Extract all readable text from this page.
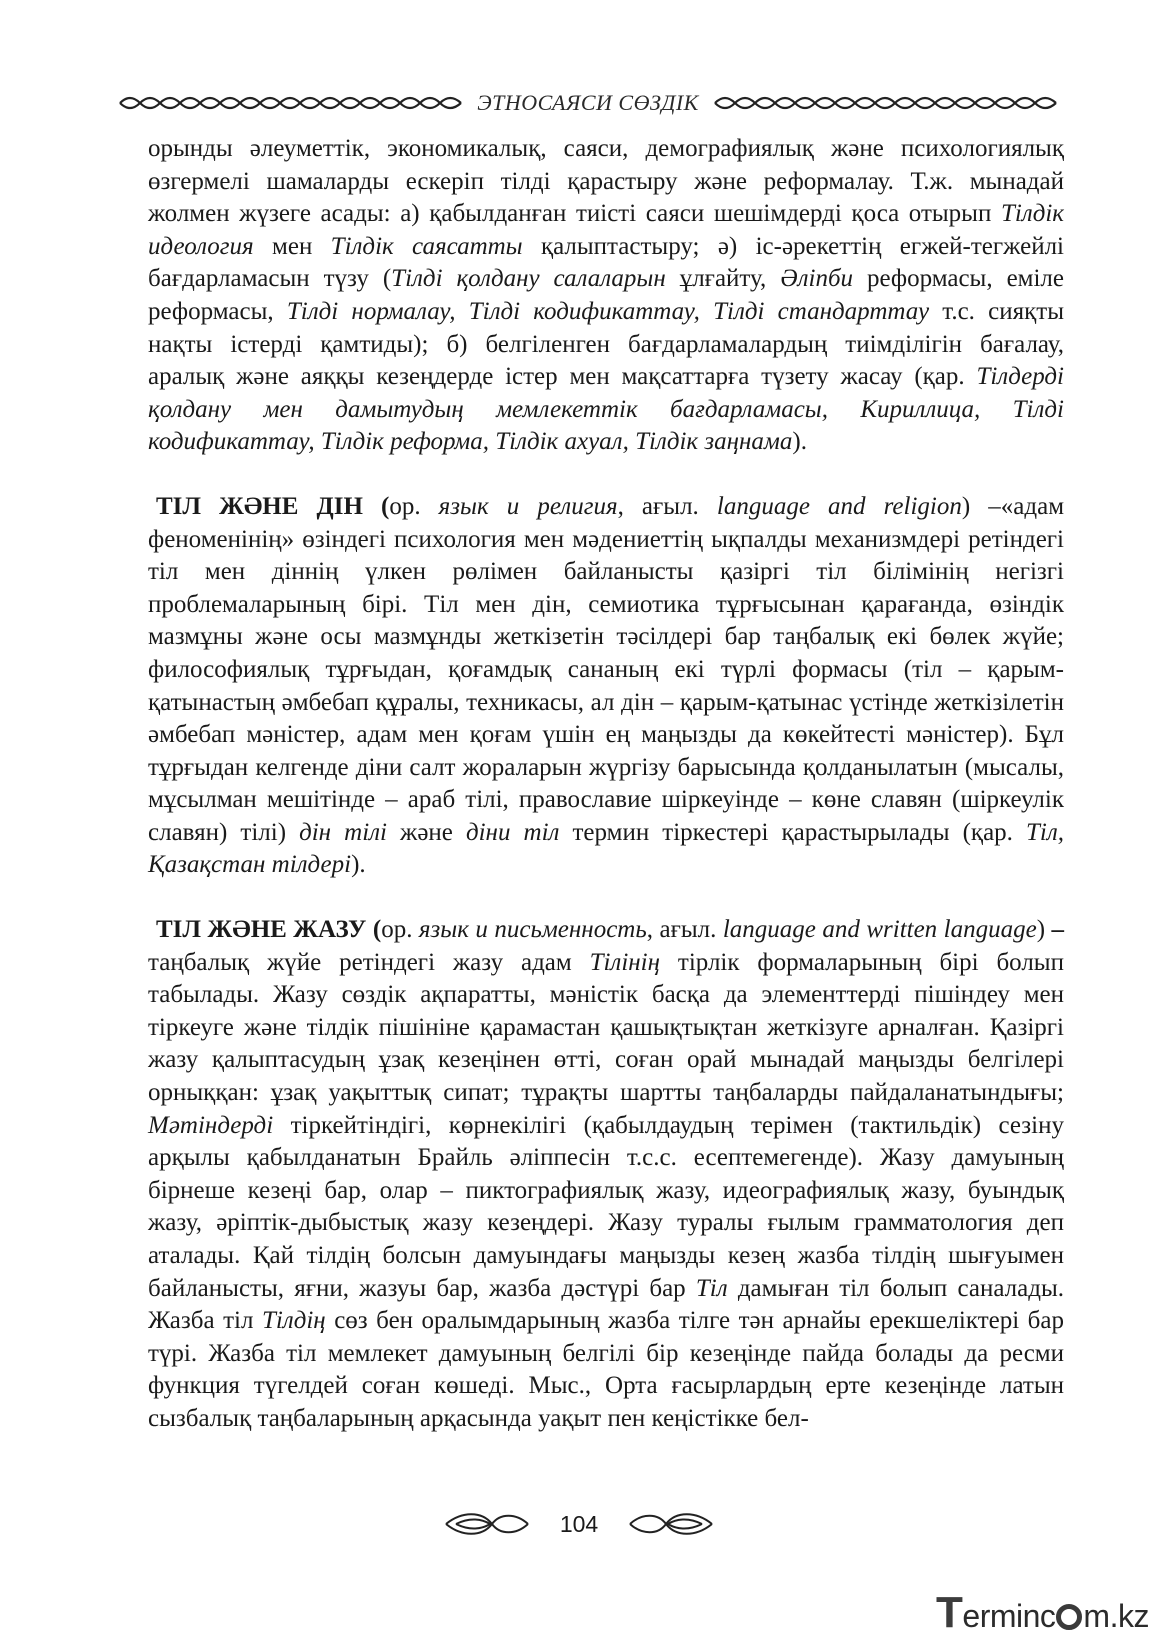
ЭТНОСАЯСИ СӨЗДІК

орынды әлеуметтік, экономикалық, саяси, демографиялық және психологиялық өзгермелі шамаларды ескеріп тілді қарастыру және реформалау. Т.ж. мынадай жолмен жүзеге асады: а) қабылданған тиісті саяси шешімдерді қоса отырып Тілдік идеология мен Тілдік саясатты қалыптастыру; ә) іс-әрекеттің егжей-тегжейлі бағдарламасын түзу (Тілді қолдану салаларын ұлғайту, Әліпби реформасы, еміле реформасы, Тілді нормалау, Тілді кодификаттау, Тілді стандарттау т.с. сияқты нақты істерді қамтиды); б) белгіленген бағдарламалардың тиімділігін бағалау, аралық және аяққы кезеңдерде істер мен мақсаттарға түзету жасау (қар. Тілдерді қолдану мен дамытудың мемлекеттік бағдарламасы, Кириллица, Тілді кодификаттау, Тілдік реформа, Тілдік ахуал, Тілдік заңнама).

ТІЛ ЖӘНЕ ДІН (ор. язык и религия, ағыл. language and religion) –«адам феноменінің» өзіндегі психология мен мәдениеттің ықпалды механизмдері ретіндегі тіл мен діннің үлкен рөлімен байланысты қазіргі тіл білімінің негізгі проблемаларының бірі. Тіл мен дін, семиотика тұрғысынан қарағанда, өзіндік мазмұны және осы мазмұнды жеткізетін тәсілдері бар таңбалық екі бөлек жүйе; философиялық тұрғыдан, қоғамдық сананың екі түрлі формасы (тіл – қарым-қатынастың әмбебап құралы, техникасы, ал дін – қарым-қатынас үстінде жеткізілетін әмбебап мәністер, адам мен қоғам үшін ең маңызды да көкейтесті мәністер). Бұл тұрғыдан келгенде діни салт жораларын жүргізу барысында қолданылатын (мысалы, мұсылман мешітінде – араб тілі, православие шіркеуінде – көне славян (шіркеулік славян) тілі) дін тілі және діни тіл термин тіркестері қарастырылады (қар. Тіл, Қазақстан тілдері).

ТІЛ ЖӘНЕ ЖАЗУ (ор. язык и письменность, ағыл. language and written language) – таңбалық жүйе ретіндегі жазу адам Тілінің тірлік формаларының бірі болып табылады. Жазу сөздік ақпаратты, мәністік басқа да элементтерді пішіндеу мен тіркеуге және тілдік пішініне қарамастан қашықтықтан жеткізуге арналған. Қазіргі жазу қалыптасудың ұзақ кезеңінен өтті, соған орай мынадай маңызды белгілері орныққан: ұзақ уақыттық сипат; тұрақты шартты таңбаларды пайдаланатындығы; Мәтіндерді тіркейтіндігі, көрнекілігі (қабылдаудың терімен (тактильдік) сезіну арқылы қабылданатын Брайль әліппесін т.с.с. есептемегенде). Жазу дамуының бірнеше кезеңі бар, олар – пиктографиялық жазу, идеографиялық жазу, буындық жазу, әріптік-дыбыстық жазу кезеңдері. Жазу туралы ғылым грамматология деп аталады. Қай тілдің болсын дамуындағы маңызды кезең жазба тілдің шығуымен байланысты, яғни, жазуы бар, жазба дәстүрі бар Тіл дамыған тіл болып саналады. Жазба тіл Тілдің сөз бен оралымдарының жазба тілге тән арнайы ерекшеліктері бар түрі. Жазба тіл мемлекет дамуының белгілі бір кезеңінде пайда болады да ресми функция түгелдей соған көшеді. Мыс., Орта ғасырлардың ерте кезеңінде латын сызбалық таңбаларының арқасында уақыт пен кеңістікке бел-

104
Terminc m.kz
